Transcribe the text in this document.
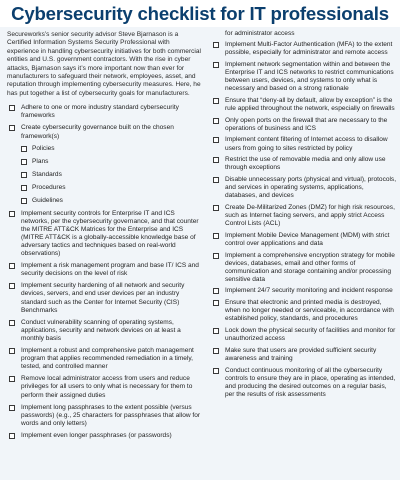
Cybersecurity checklist for IT professionals

Secureworks’s senior security advisor Steve Bjarnason is a Certified Information Systems Security Professional with experience in handling cybersecurity initiatives for both commercial entities and U.S. government contractors. With the rise in cyber attacks, Bjarnason says it’s more important now than ever for manufacturers to safeguard their network, employees, asset, and reputation through implementing cybersecurity measures. Here, he has put together a list of cybersecurity goals for manufacturers.

Adhere to one or more industry standard cybersecurity frameworks
Create cybersecurity governance built on the chosen framework(s)
Policies
Plans
Standards
Procedures
Guidelines
Implement security controls for Enterprise IT and ICS networks, per the cybersecurity governance, and that counter the MITRE ATT&CK Matrices for the Enterprise and ICS (MITRE ATT&CK is a globally-accessible knowledge base of adversary tactics and techniques based on real-world observations)
Implement a risk management program and base IT/ ICS and security decisions on the level of risk
Implement security hardening of all network and security devices, servers, and end user devices per an industry standard such as the Center for Internet Security (CIS) Benchmarks
Conduct vulnerability scanning of operating systems, applications, security and network devices on at least a monthly basis
Implement a robust and comprehensive patch management program that applies recommended remediation in a timely, tested, and controlled manner
Remove local administrator access from users and reduce privileges for all users to only what is necessary for them to perform their assigned duties
Implement long passphrases to the extent possible (versus passwords) (e.g., 25 characters for passphrases that allow for words and only letters)
Implement even longer passphrases (or passwords)

for administrator access

Implement Multi-Factor Authentication (MFA) to the extent possible, especially for administrator and remote access
Implement network segmentation within and between the Enterprise IT and ICS networks to restrict communications between users, devices, and systems to only what is necessary and based on a strong rationale
Ensure that “deny-all by default, allow by exception” is the rule applied throughout the network, especially on firewalls
Only open ports on the firewall that are necessary to the operations of business and ICS
Implement content filtering of Internet access to disallow users from going to sites restricted by policy
Restrict the use of removable media and only allow use through exceptions
Disable unnecessary ports (physical and virtual), protocols, and services in operating systems, applications, databases, and devices
Create De-Militarized Zones (DMZ) for high risk resources, such as Internet facing servers, and apply strict Access Control Lists (ACL)
Implement Mobile Device Management (MDM) with strict control over applications and data
Implement a comprehensive encryption strategy for mobile devices, databases, email and other forms of communication and storage containing and/or processing sensitive data
Implement 24/7 security monitoring and incident response
Ensure that electronic and printed media is destroyed, when no longer needed or serviceable, in accordance with established policy, standards, and procedures
Lock down the physical security of facilities and monitor for unauthorized access
Make sure that users are provided sufficient security awareness and training
Conduct continuous monitoring of all the cybersecurity controls to ensure they are in place, operating as intended, and producing the desired outcomes on a regular basis, per the results of risk assessments
